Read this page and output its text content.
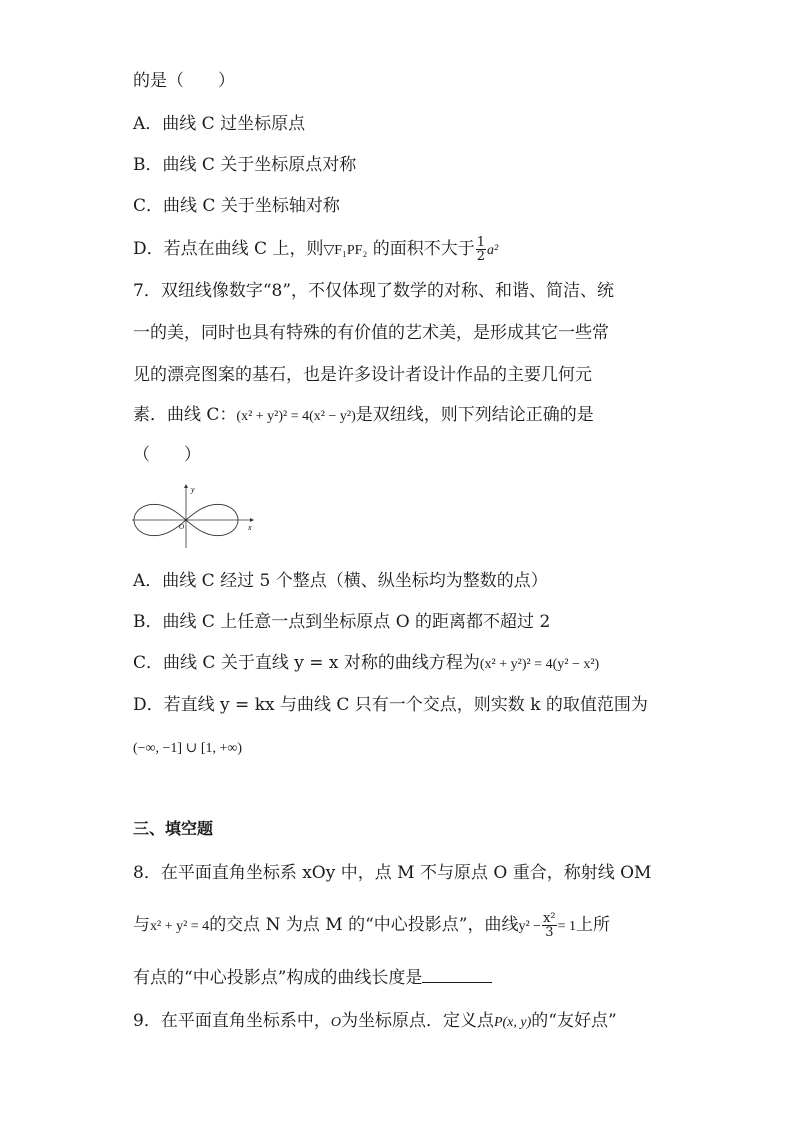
的是（　　）
A．曲线 C 过坐标原点
B．曲线 C 关于坐标原点对称
C．曲线 C 关于坐标轴对称
D．若点在曲线 C 上，则▽F₁PF₂ 的面积不大于 $\frac{1}{2} a^2$
7．双纽线像数字“8”，不仅体现了数学的对称、和谐、简洁、统
一的美，同时也具有特殊的有价值的艺术美，是形成其它一些常
见的漂亮图案的基石，也是许多设计者设计作品的主要几何元
素．曲线 C：(x² + y²)² = 4(x² − y²)是双纽线，则下列结论正确的是
（　　）
y
x
O
A．曲线 C 经过 5 个整点（横、纵坐标均为整数的点）
B．曲线 C 上任意一点到坐标原点 O 的距离都不超过 2
C．曲线 C 关于直线 y = x 对称的曲线方程为(x² + y²)² = 4(y² − x²)
D．若直线 y = kx 与曲线 C 只有一个交点，则实数 k 的取值范围为
(−∞, −1] ∪ [1, +∞)
三、填空题
8．在平面直角坐标系 xOy 中，点 M 不与原点 O 重合，称射线 OM
与x² + y² = 4的交点 N 为点 M 的“中心投影点”，曲线$y^2 - \frac{\text{x²}}{3} = 1$上所
有点的“中心投影点”构成的曲线长度是
9．在平面直角坐标系中，O为坐标原点．定义点P(x, y)的“友好点”
